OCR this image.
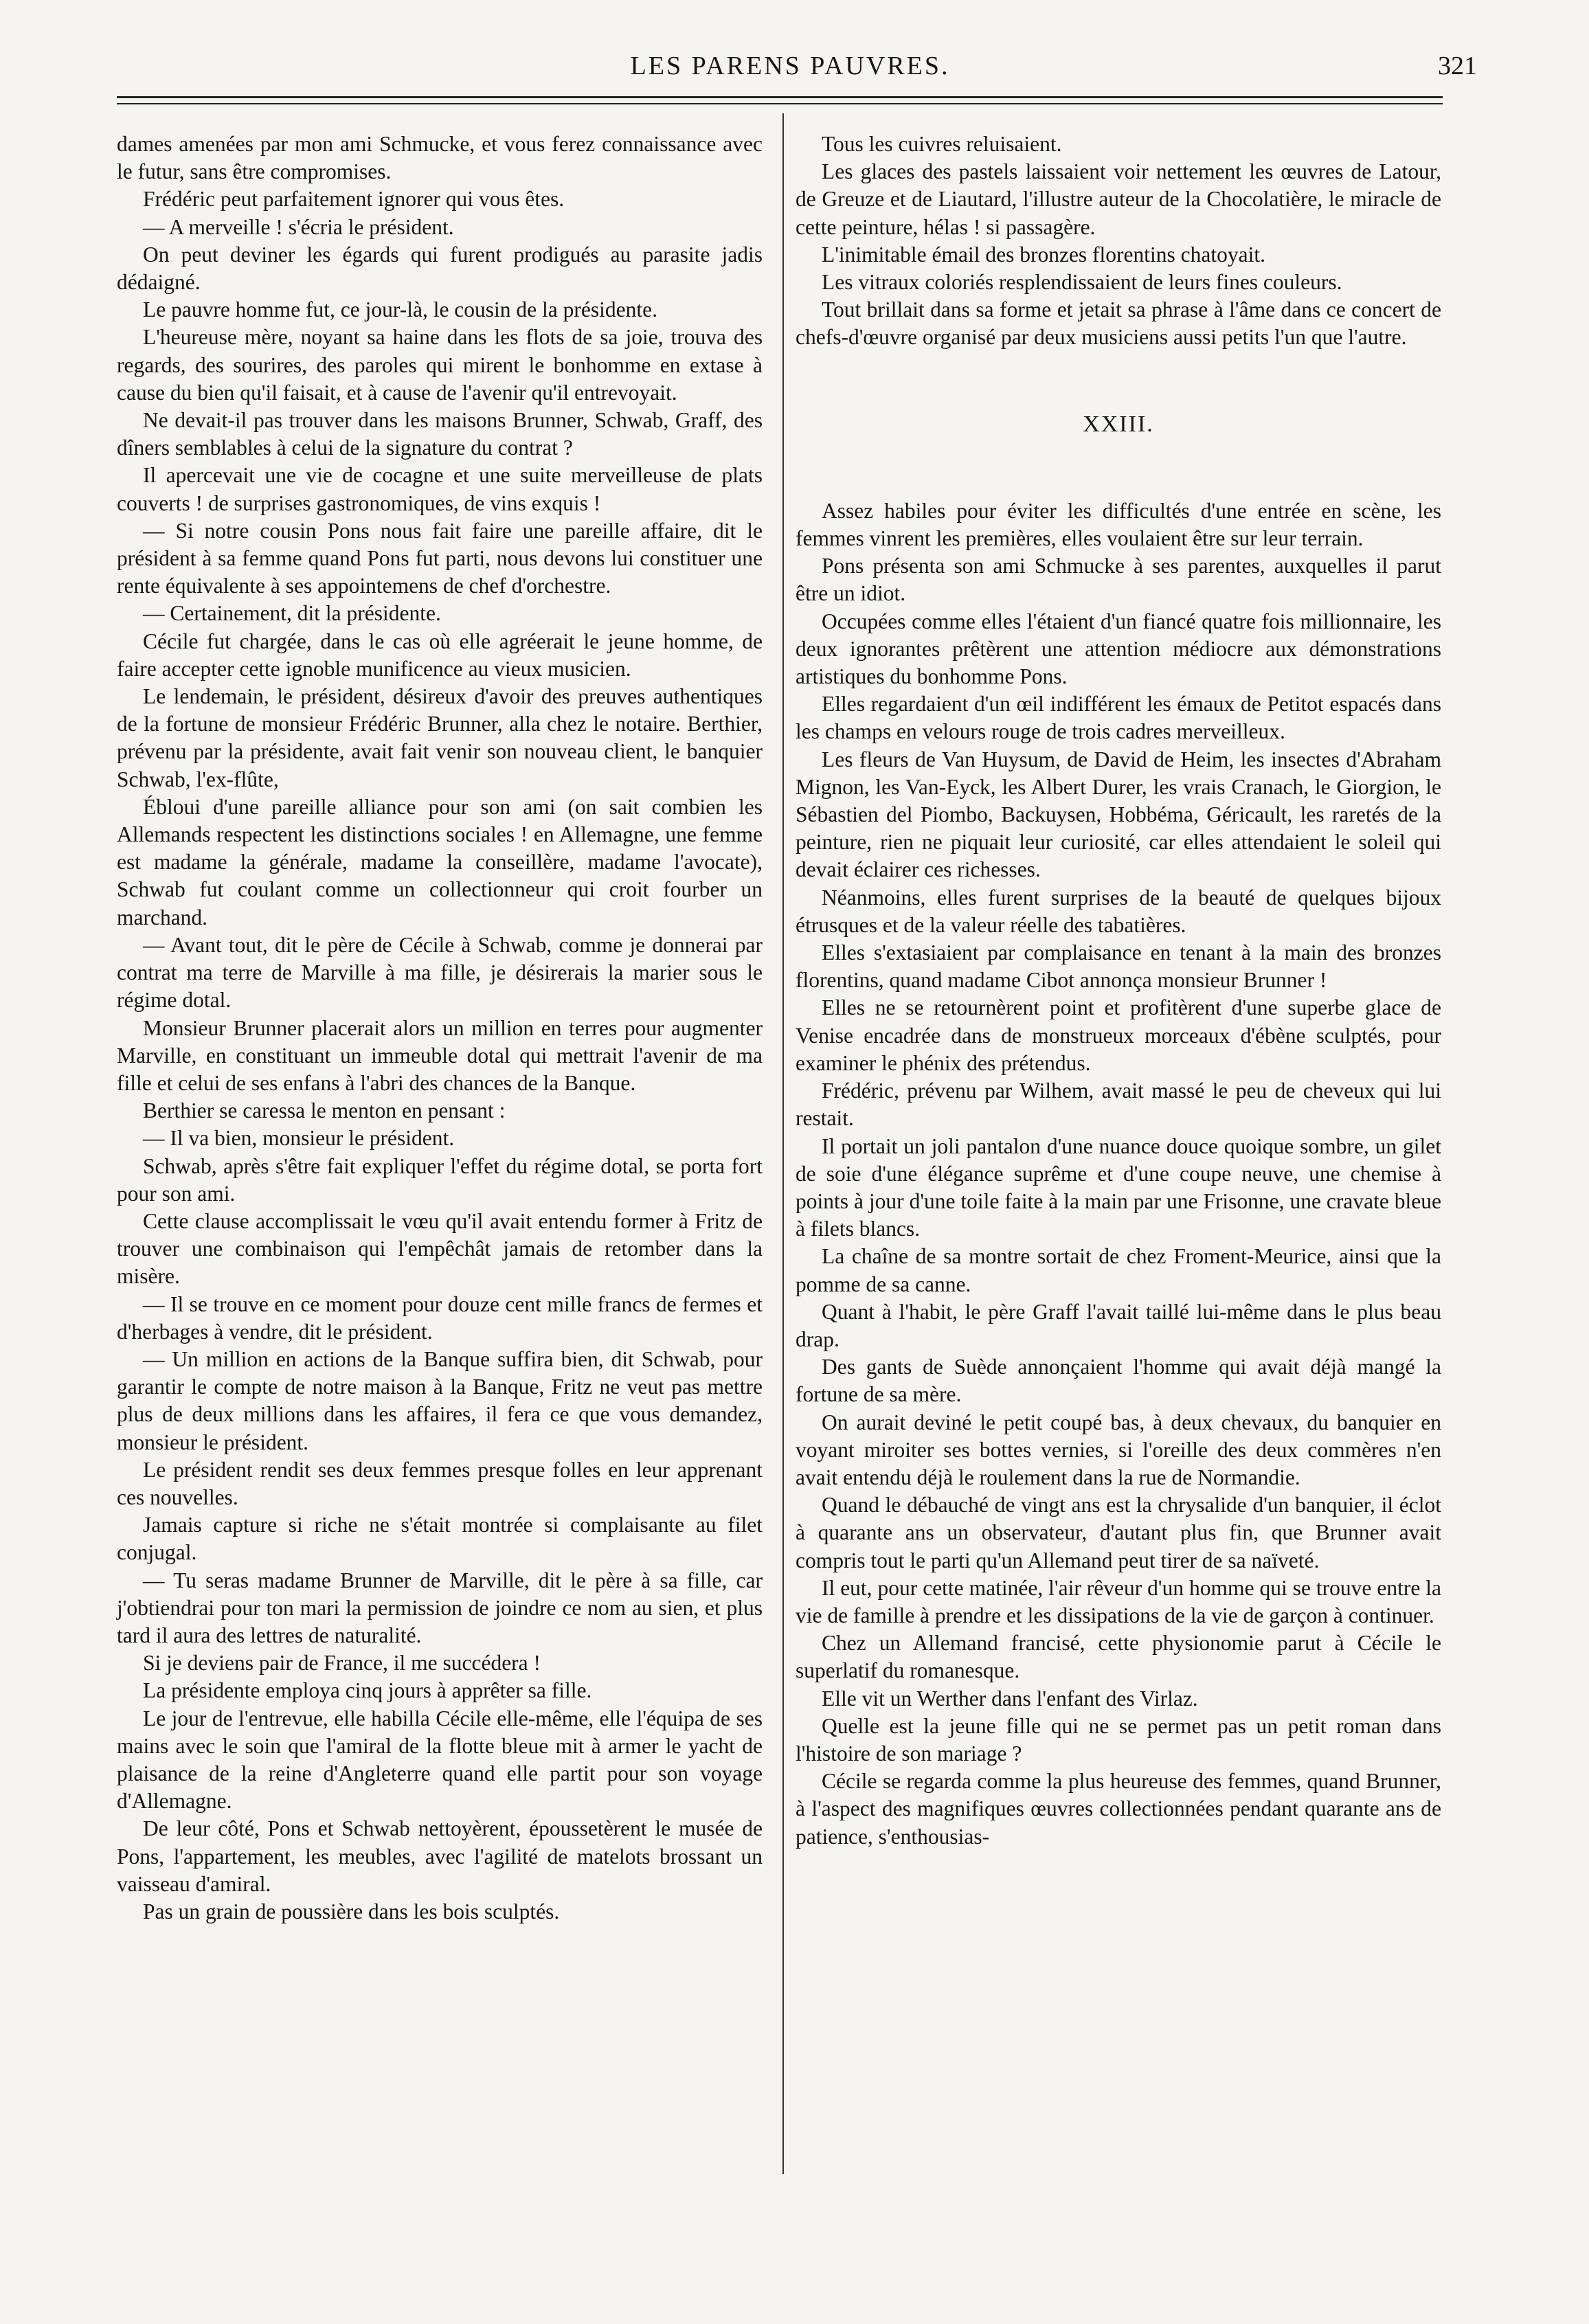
LES PARENS PAUVRES.	321

dames amenées par mon ami Schmucke, et vous ferez connaissance avec le futur, sans être compromises.

Frédéric peut parfaitement ignorer qui vous êtes.

— A merveille ! s'écria le président.

On peut deviner les égards qui furent prodigués au parasite jadis dédaigné.

Le pauvre homme fut, ce jour-là, le cousin de la présidente.

L'heureuse mère, noyant sa haine dans les flots de sa joie, trouva des regards, des sourires, des paroles qui mirent le bonhomme en extase à cause du bien qu'il faisait, et à cause de l'avenir qu'il entrevoyait.

Ne devait-il pas trouver dans les maisons Brunner, Schwab, Graff, des dîners semblables à celui de la signature du contrat ?

Il apercevait une vie de cocagne et une suite merveilleuse de plats couverts ! de surprises gastronomiques, de vins exquis !

— Si notre cousin Pons nous fait faire une pareille affaire, dit le président à sa femme quand Pons fut parti, nous devons lui constituer une rente équivalente à ses appointemens de chef d'orchestre.

— Certainement, dit la présidente.

Cécile fut chargée, dans le cas où elle agréerait le jeune homme, de faire accepter cette ignoble munificence au vieux musicien.

Le lendemain, le président, désireux d'avoir des preuves authentiques de la fortune de monsieur Frédéric Brunner, alla chez le notaire. Berthier, prévenu par la présidente, avait fait venir son nouveau client, le banquier Schwab, l'ex-flûte,

Ébloui d'une pareille alliance pour son ami (on sait combien les Allemands respectent les distinctions sociales ! en Allemagne, une femme est madame la générale, madame la conseillère, madame l'avocate), Schwab fut coulant comme un collectionneur qui croit fourber un marchand.

— Avant tout, dit le père de Cécile à Schwab, comme je donnerai par contrat ma terre de Marville à ma fille, je désirerais la marier sous le régime dotal.

Monsieur Brunner placerait alors un million en terres pour augmenter Marville, en constituant un immeuble dotal qui mettrait l'avenir de ma fille et celui de ses enfans à l'abri des chances de la Banque.

Berthier se caressa le menton en pensant :

— Il va bien, monsieur le président.

Schwab, après s'être fait expliquer l'effet du régime dotal, se porta fort pour son ami.

Cette clause accomplissait le vœu qu'il avait entendu former à Fritz de trouver une combinaison qui l'empêchât jamais de retomber dans la misère.

— Il se trouve en ce moment pour douze cent mille francs de fermes et d'herbages à vendre, dit le président.

— Un million en actions de la Banque suffira bien, dit Schwab, pour garantir le compte de notre maison à la Banque, Fritz ne veut pas mettre plus de deux millions dans les affaires, il fera ce que vous demandez, monsieur le président.

Le président rendit ses deux femmes presque folles en leur apprenant ces nouvelles.

Jamais capture si riche ne s'était montrée si complaisante au filet conjugal.

— Tu seras madame Brunner de Marville, dit le père à sa fille, car j'obtiendrai pour ton mari la permission de joindre ce nom au sien, et plus tard il aura des lettres de naturalité.

Si je deviens pair de France, il me succédera !

La présidente employa cinq jours à apprêter sa fille.

Le jour de l'entrevue, elle habilla Cécile elle-même, elle l'équipa de ses mains avec le soin que l'amiral de la flotte bleue mit à armer le yacht de plaisance de la reine d'Angleterre quand elle partit pour son voyage d'Allemagne.

De leur côté, Pons et Schwab nettoyèrent, époussetèrent le musée de Pons, l'appartement, les meubles, avec l'agilité de matelots brossant un vaisseau d'amiral.

Pas un grain de poussière dans les bois sculptés.

Tous les cuivres reluisaient.

Les glaces des pastels laissaient voir nettement les œuvres de Latour, de Greuze et de Liautard, l'illustre auteur de la Chocolatière, le miracle de cette peinture, hélas ! si passagère.

L'inimitable émail des bronzes florentins chatoyait.

Les vitraux coloriés resplendissaient de leurs fines couleurs.

Tout brillait dans sa forme et jetait sa phrase à l'âme dans ce concert de chefs-d'œuvre organisé par deux musiciens aussi petits l'un que l'autre.

XXIII.

Assez habiles pour éviter les difficultés d'une entrée en scène, les femmes vinrent les premières, elles voulaient être sur leur terrain.

Pons présenta son ami Schmucke à ses parentes, auxquelles il parut être un idiot.

Occupées comme elles l'étaient d'un fiancé quatre fois millionnaire, les deux ignorantes prêtèrent une attention médiocre aux démonstrations artistiques du bonhomme Pons.

Elles regardaient d'un œil indifférent les émaux de Petitot espacés dans les champs en velours rouge de trois cadres merveilleux.

Les fleurs de Van Huysum, de David de Heim, les insectes d'Abraham Mignon, les Van-Eyck, les Albert Durer, les vrais Cranach, le Giorgion, le Sébastien del Piombo, Backuysen, Hobbéma, Géricault, les raretés de la peinture, rien ne piquait leur curiosité, car elles attendaient le soleil qui devait éclairer ces richesses.

Néanmoins, elles furent surprises de la beauté de quelques bijoux étrusques et de la valeur réelle des tabatières.

Elles s'extasiaient par complaisance en tenant à la main des bronzes florentins, quand madame Cibot annonça monsieur Brunner !

Elles ne se retournèrent point et profitèrent d'une superbe glace de Venise encadrée dans de monstrueux morceaux d'ébène sculptés, pour examiner le phénix des prétendus.

Frédéric, prévenu par Wilhem, avait massé le peu de cheveux qui lui restait.

Il portait un joli pantalon d'une nuance douce quoique sombre, un gilet de soie d'une élégance suprême et d'une coupe neuve, une chemise à points à jour d'une toile faite à la main par une Frisonne, une cravate bleue à filets blancs.

La chaîne de sa montre sortait de chez Froment-Meurice, ainsi que la pomme de sa canne.

Quant à l'habit, le père Graff l'avait taillé lui-même dans le plus beau drap.

Des gants de Suède annonçaient l'homme qui avait déjà mangé la fortune de sa mère.

On aurait deviné le petit coupé bas, à deux chevaux, du banquier en voyant miroiter ses bottes vernies, si l'oreille des deux commères n'en avait entendu déjà le roulement dans la rue de Normandie.

Quand le débauché de vingt ans est la chrysalide d'un banquier, il éclot à quarante ans un observateur, d'autant plus fin, que Brunner avait compris tout le parti qu'un Allemand peut tirer de sa naïveté.

Il eut, pour cette matinée, l'air rêveur d'un homme qui se trouve entre la vie de famille à prendre et les dissipations de la vie de garçon à continuer.

Chez un Allemand francisé, cette physionomie parut à Cécile le superlatif du romanesque.

Elle vit un Werther dans l'enfant des Virlaz.

Quelle est la jeune fille qui ne se permet pas un petit roman dans l'histoire de son mariage ?

Cécile se regarda comme la plus heureuse des femmes, quand Brunner, à l'aspect des magnifiques œuvres collectionnées pendant quarante ans de patience, s'enthousias-
